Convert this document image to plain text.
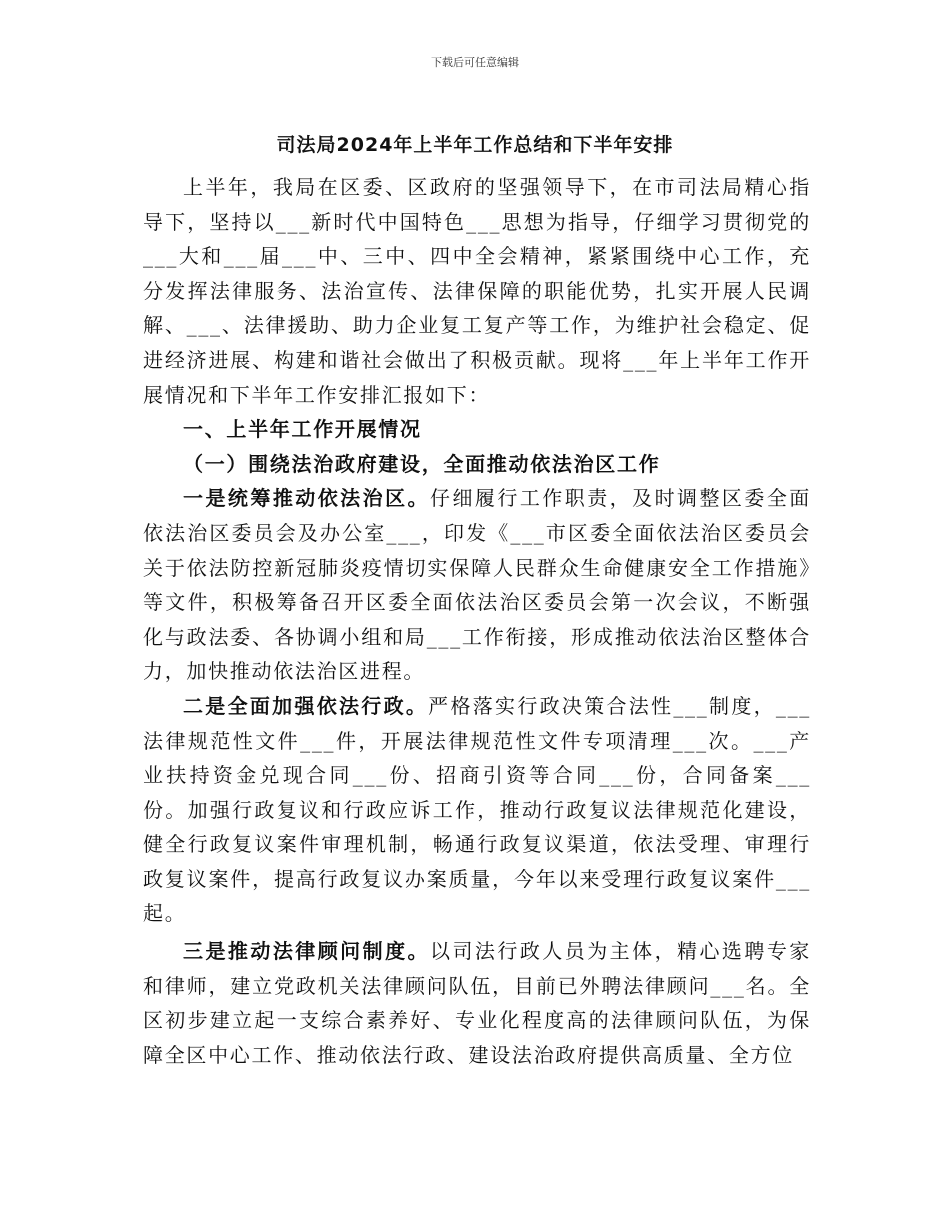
下载后可任意编辑
司法局2024年上半年工作总结和下半年安排

上半年，我局在区委、区政府的坚强领导下，在市司法局精心指导下，坚持以___新时代中国特色___思想为指导，仔细学习贯彻党的___大和___届___中、三中、四中全会精神，紧紧围绕中心工作，充分发挥法律服务、法治宣传、法律保障的职能优势，扎实开展人民调解、___、法律援助、助力企业复工复产等工作，为维护社会稳定、促进经济进展、构建和谐社会做出了积极贡献。现将___年上半年工作开展情况和下半年工作安排汇报如下：

一、上半年工作开展情况

（一）围绕法治政府建设，全面推动依法治区工作

一是统筹推动依法治区。仔细履行工作职责，及时调整区委全面依法治区委员会及办公室___，印发《___市区委全面依法治区委员会关于依法防控新冠肺炎疫情切实保障人民群众生命健康安全工作措施》等文件，积极筹备召开区委全面依法治区委员会第一次会议，不断强化与政法委、各协调小组和局___工作衔接，形成推动依法治区整体合力，加快推动依法治区进程。

二是全面加强依法行政。严格落实行政决策合法性___制度，___法律规范性文件___件，开展法律规范性文件专项清理___次。___产业扶持资金兑现合同___份、招商引资等合同___份，合同备案___份。加强行政复议和行政应诉工作，推动行政复议法律规范化建设，健全行政复议案件审理机制，畅通行政复议渠道，依法受理、审理行政复议案件，提高行政复议办案质量，今年以来受理行政复议案件___起。

三是推动法律顾问制度。以司法行政人员为主体，精心选聘专家和律师，建立党政机关法律顾问队伍，目前已外聘法律顾问___名。全区初步建立起一支综合素养好、专业化程度高的法律顾问队伍，为保障全区中心工作、推动依法行政、建设法治政府提供高质量、全方位
